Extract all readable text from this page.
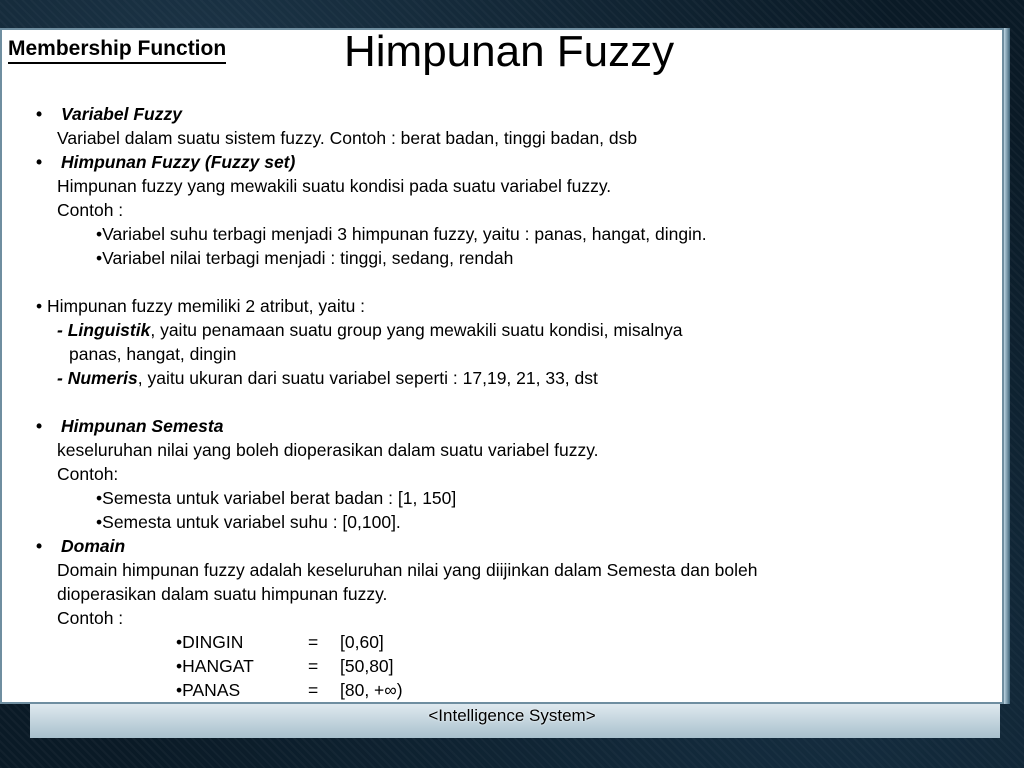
Membership Function	Himpunan Fuzzy
• Variabel Fuzzy
Variabel dalam suatu sistem fuzzy. Contoh : berat badan, tinggi badan, dsb
• Himpunan Fuzzy (Fuzzy set)
Himpunan fuzzy yang mewakili suatu kondisi pada suatu variabel fuzzy.
Contoh :
•Variabel suhu terbagi menjadi 3 himpunan fuzzy, yaitu : panas, hangat, dingin.
•Variabel nilai terbagi menjadi : tinggi, sedang, rendah
• Himpunan fuzzy memiliki 2 atribut, yaitu :
- Linguistik, yaitu penamaan suatu group yang mewakili suatu kondisi, misalnya
panas, hangat, dingin
- Numeris, yaitu ukuran dari suatu variabel seperti : 17,19, 21, 33, dst
• Himpunan Semesta
keseluruhan nilai yang boleh dioperasikan dalam suatu variabel fuzzy.
Contoh:
•Semesta untuk variabel berat badan : [1, 150]
•Semesta untuk variabel suhu : [0,100].
• Domain
Domain himpunan fuzzy adalah keseluruhan nilai yang diijinkan dalam Semesta dan boleh
dioperasikan dalam suatu himpunan fuzzy.
Contoh :
•DINGIN	= [0,60]
•HANGAT	= [50,80]
•PANAS	= [80, +∞)
<Intelligence System>
